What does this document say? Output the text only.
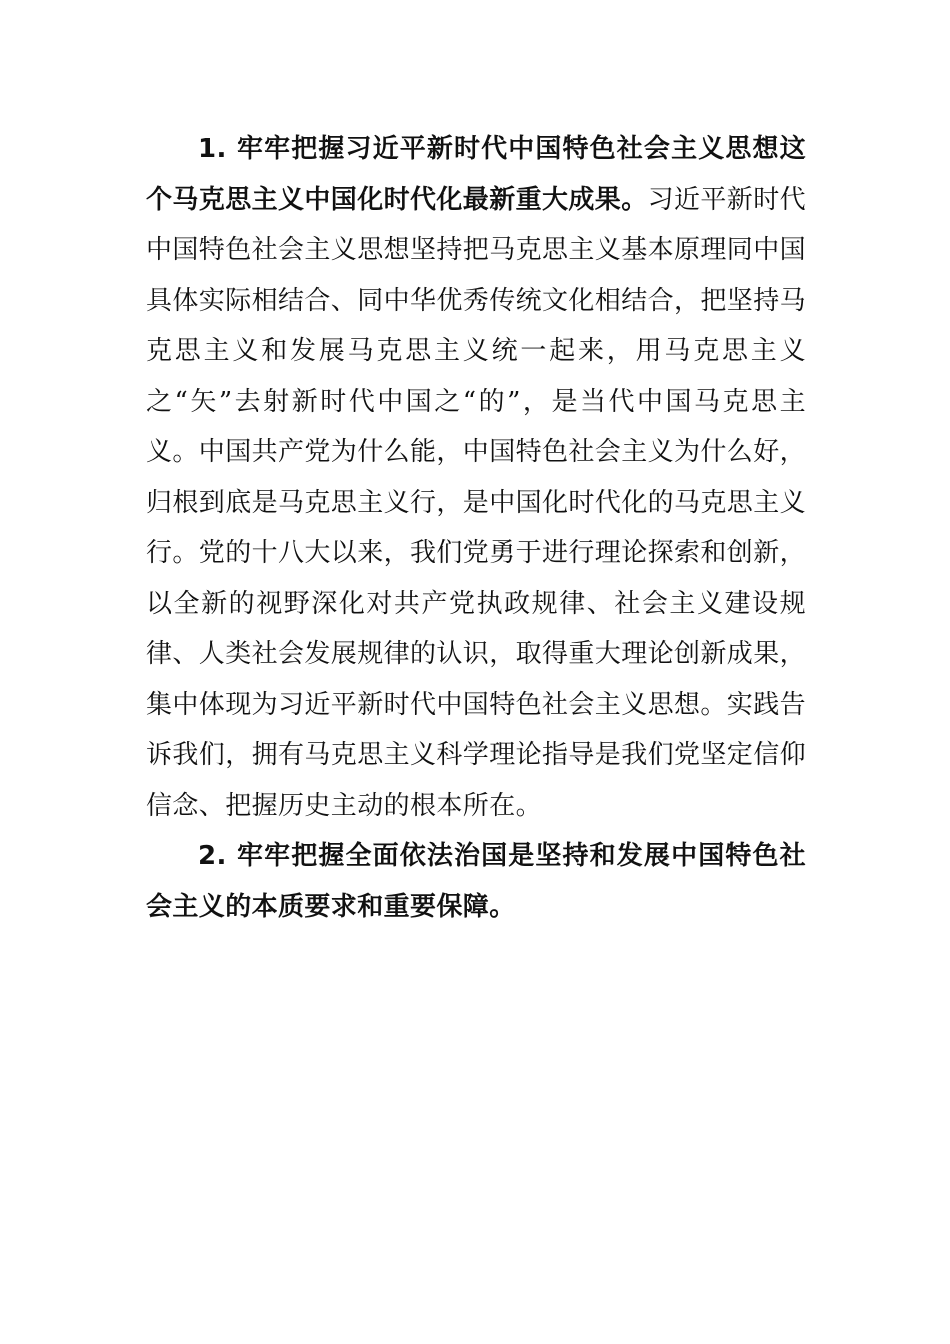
1. 牢牢把握习近平新时代中国特色社会主义思想这个马克思主义中国化时代化最新重大成果。习近平新时代中国特色社会主义思想坚持把马克思主义基本原理同中国具体实际相结合、同中华优秀传统文化相结合，把坚持马克思主义和发展马克思主义统一起来，用马克思主义之“矢”去射新时代中国之“的”，是当代中国马克思主义。中国共产党为什么能，中国特色社会主义为什么好，归根到底是马克思主义行，是中国化时代化的马克思主义行。党的十八大以来，我们党勇于进行理论探索和创新，以全新的视野深化对共产党执政规律、社会主义建设规律、人类社会发展规律的认识，取得重大理论创新成果，集中体现为习近平新时代中国特色社会主义思想。实践告诉我们，拥有马克思主义科学理论指导是我们党坚定信仰信念、把握历史主动的根本所在。

2. 牢牢把握全面依法治国是坚持和发展中国特色社会主义的本质要求和重要保障。
